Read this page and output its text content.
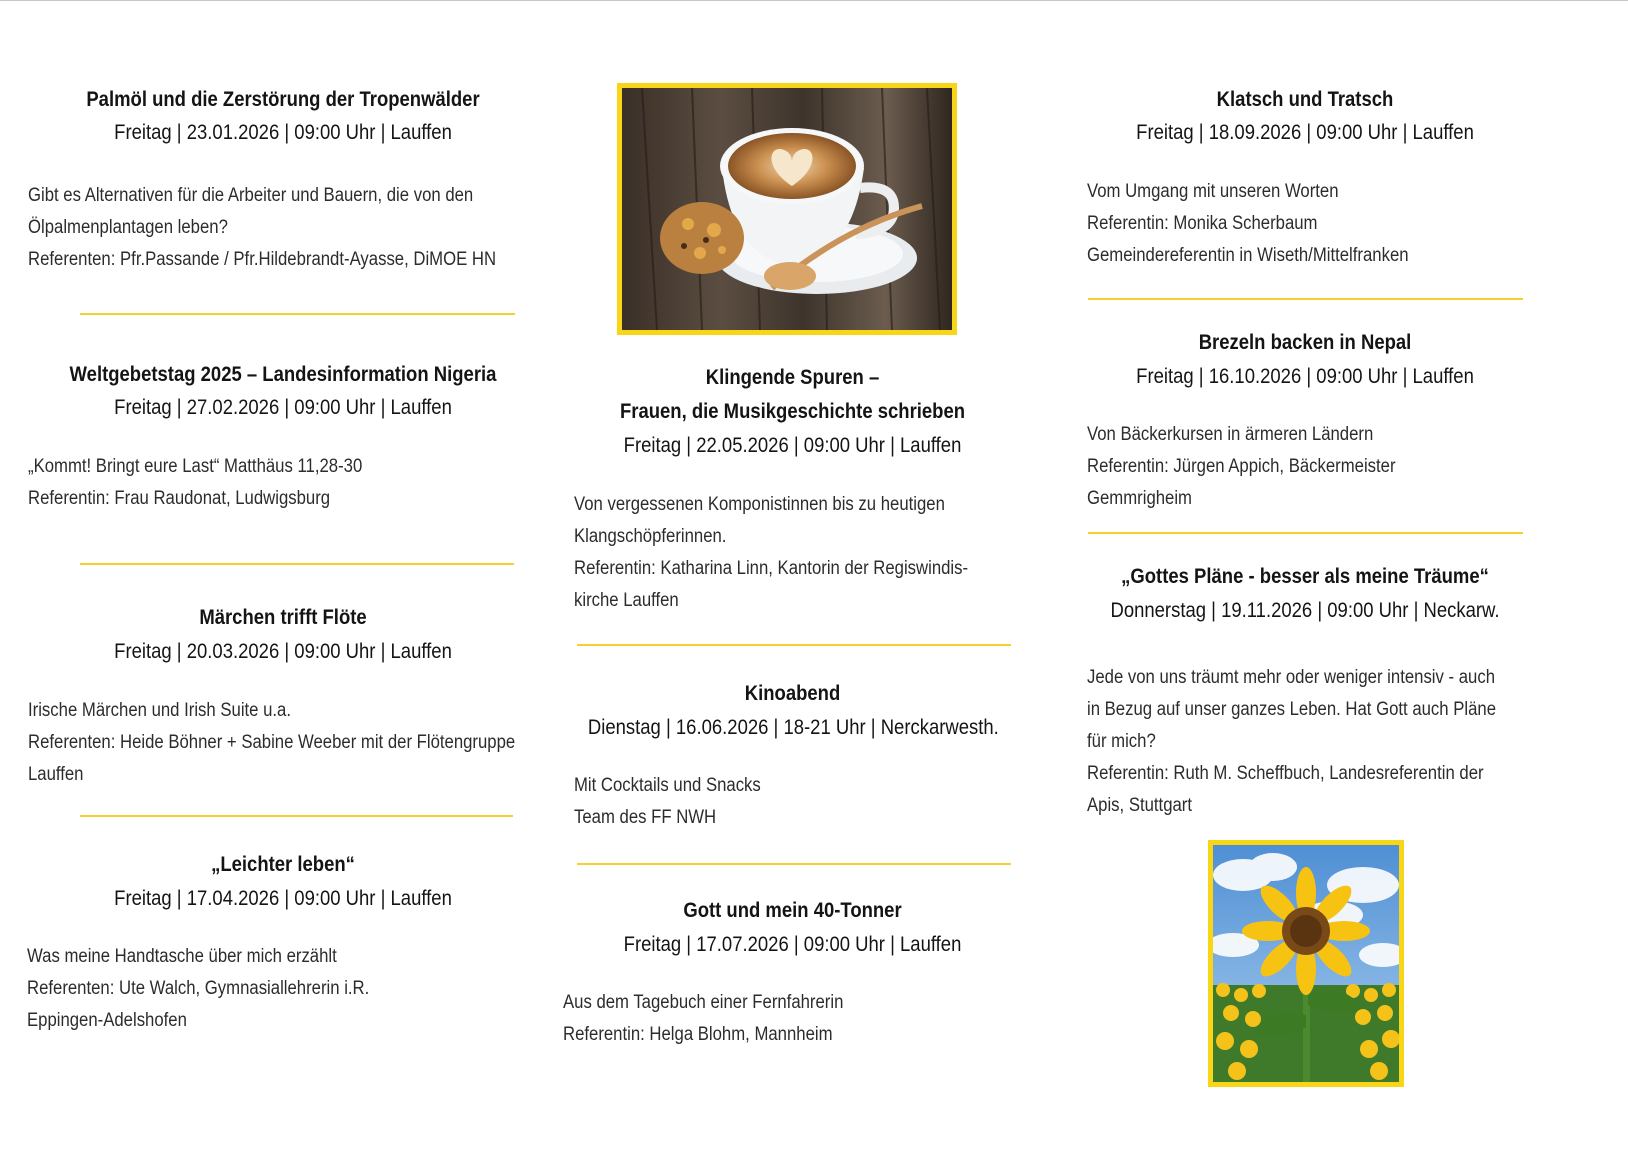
Palmöl und die Zerstörung der Tropenwälder
Freitag | 23.01.2026 | 09:00 Uhr | Lauffen
Gibt es Alternativen für die Arbeiter und Bauern, die von den
Ölpalmenplantagen leben?
Referenten: Pfr.Passande / Pfr.Hildebrandt-Ayasse, DiMOE HN
Weltgebetstag 2025 – Landesinformation Nigeria
Freitag | 27.02.2026 | 09:00 Uhr | Lauffen
„Kommt! Bringt eure Last“ Matthäus 11,28-30
Referentin: Frau Raudonat, Ludwigsburg
Märchen trifft Flöte
Freitag | 20.03.2026 | 09:00 Uhr | Lauffen
Irische Märchen und Irish Suite u.a.
Referenten: Heide Böhner + Sabine Weeber mit der Flötengruppe
Lauffen
„Leichter leben“
Freitag | 17.04.2026 | 09:00 Uhr | Lauffen
Was meine Handtasche über mich erzählt
Referenten: Ute Walch, Gymnasiallehrerin i.R.
Eppingen-Adelshofen
Klingende Spuren –
Frauen, die Musikgeschichte schrieben
Freitag | 22.05.2026 | 09:00 Uhr | Lauffen
Von vergessenen Komponistinnen bis zu heutigen
Klangschöpferinnen.
Referentin: Katharina Linn, Kantorin der Regiswindis-
kirche Lauffen
Kinoabend
Dienstag | 16.06.2026 | 18-21 Uhr | Nerckarwesth.
Mit Cocktails und Snacks
Team des FF NWH
Gott und mein 40-Tonner
Freitag | 17.07.2026 | 09:00 Uhr | Lauffen
Aus dem Tagebuch einer Fernfahrerin
Referentin: Helga Blohm, Mannheim
Klatsch und Tratsch
Freitag | 18.09.2026 | 09:00 Uhr | Lauffen
Vom Umgang mit unseren Worten
Referentin: Monika Scherbaum
Gemeindereferentin in Wiseth/Mittelfranken
Brezeln backen in Nepal
Freitag | 16.10.2026 | 09:00 Uhr | Lauffen
Von Bäckerkursen in ärmeren Ländern
Referentin: Jürgen Appich, Bäckermeister
Gemmrigheim
„Gottes Pläne - besser als meine Träume“
Donnerstag | 19.11.2026 | 09:00 Uhr | Neckarw.
Jede von uns träumt mehr oder weniger intensiv - auch
in Bezug auf unser ganzes Leben. Hat Gott auch Pläne
für mich?
Referentin: Ruth M. Scheffbuch, Landesreferentin der
Apis, Stuttgart
